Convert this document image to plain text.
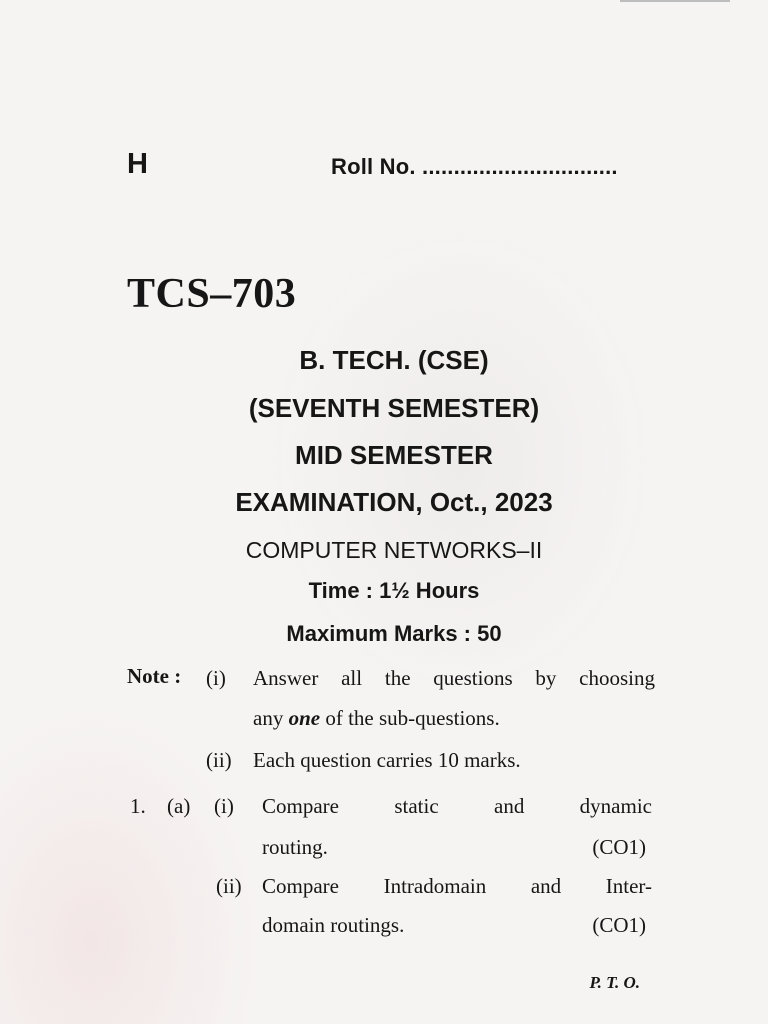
H	Roll No. ...............................
TCS–703
B. TECH. (CSE)
(SEVENTH SEMESTER)
MID SEMESTER
EXAMINATION, Oct., 2023
COMPUTER NETWORKS–II
Time : 1½ Hours
Maximum Marks : 50
Note : (i) Answer all the questions by choosing
any one of the sub-questions.
(ii) Each question carries 10 marks.
1. (a) (i) Compare	static	and	dynamic
routing.	(CO1)
(ii) Compare Intradomain and Inter-
domain routings.	(CO1)
P. T. O.
